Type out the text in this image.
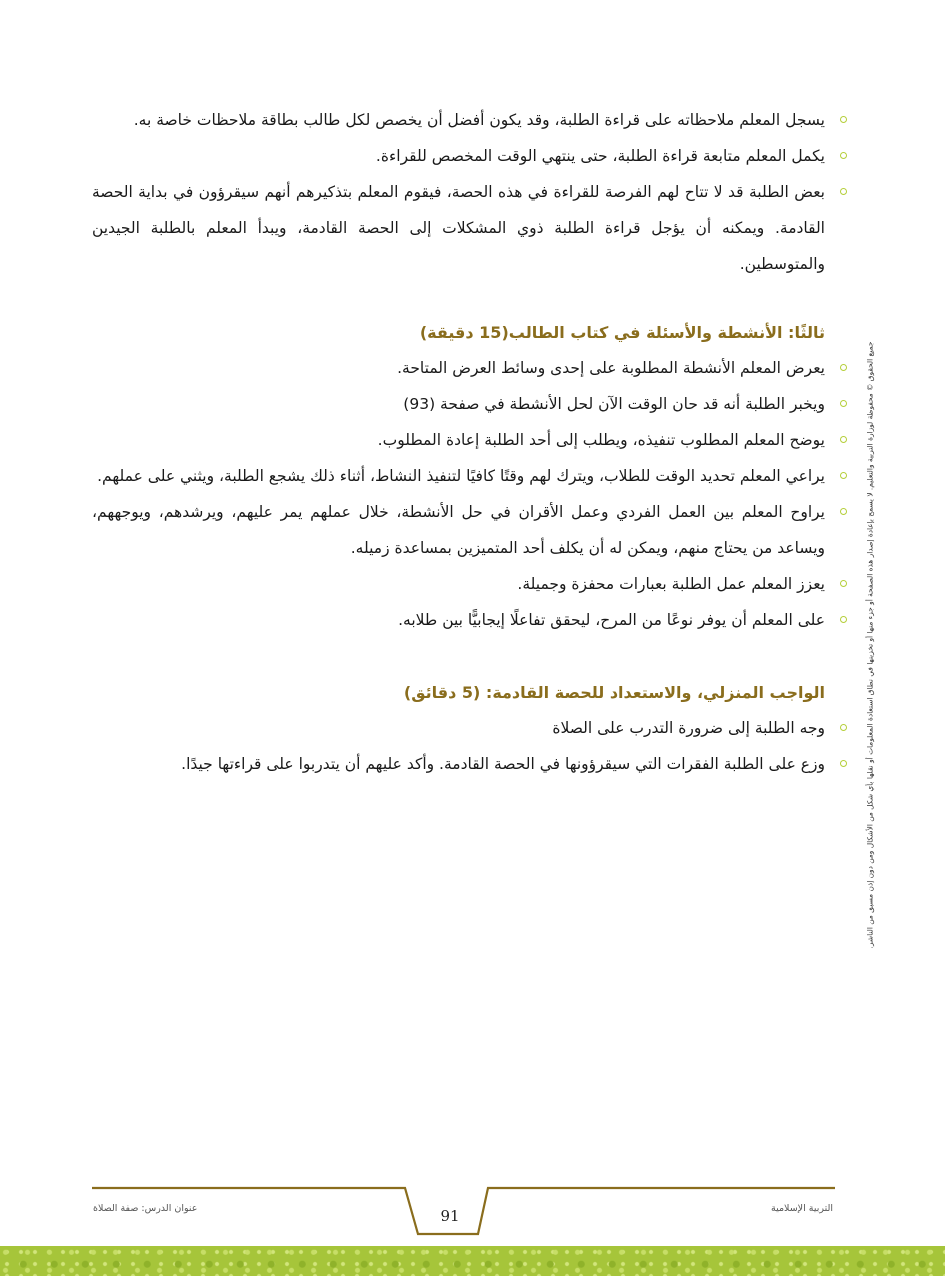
يسجل المعلم ملاحظاته على قراءة الطلبة، وقد يكون أفضل أن يخصص لكل طالب بطاقة ملاحظات خاصة به.
يكمل المعلم متابعة قراءة الطلبة، حتى ينتهي الوقت المخصص للقراءة.
بعض الطلبة قد لا تتاح لهم الفرصة للقراءة في هذه الحصة، فيقوم المعلم بتذكيرهم أنهم سيقرؤون في بداية الحصة القادمة. ويمكنه أن يؤجل قراءة الطلبة ذوي المشكلات إلى الحصة القادمة، ويبدأ المعلم بالطلبة الجيدين والمتوسطين.
ثالثًا: الأنشطة والأسئلة في كتاب الطالب(15 دقيقة)
يعرض المعلم الأنشطة المطلوبة على إحدى وسائط العرض المتاحة.
ويخبر الطلبة أنه قد حان الوقت الآن لحل الأنشطة في صفحة (93)
يوضح المعلم المطلوب تنفيذه، ويطلب إلى أحد الطلبة إعادة المطلوب.
يراعي المعلم تحديد الوقت للطلاب، ويترك لهم وقتًا كافيًا لتنفيذ النشاط، أثناء ذلك يشجع الطلبة، ويثني على عملهم.
يراوح المعلم بين العمل الفردي وعمل الأقران في حل الأنشطة، خلال عملهم يمر عليهم، ويرشدهم، ويوجههم، ويساعد من يحتاج منهم، ويمكن له أن يكلف أحد المتميزين بمساعدة زميله.
يعزز المعلم عمل الطلبة بعبارات محفزة وجميلة.
على المعلم أن يوفر نوعًا من المرح، ليحقق تفاعلًا إيجابيًّا بين طلابه.
الواجب المنزلي، والاستعداد للحصة القادمة: (5 دقائق)
وجه الطلبة إلى ضرورة التدرب على الصلاة
وزع على الطلبة الفقرات التي سيقرؤونها في الحصة القادمة. وأكد عليهم أن يتدربوا على قراءتها جيدًا.	جميع الحقوق © محفوظة لوزارة التربية والتعليم. لا يسمح بإعادة إصدار هذه الصفحة أو جزء منها أو تخزينها في نطاق استعادة المعلومات أو نقلها بأي شكل من الأشكال ومن دون إذن مسبق من الناشر.
عنوان الدرس: صفة الصلاة	91	التربية الإسلامية
